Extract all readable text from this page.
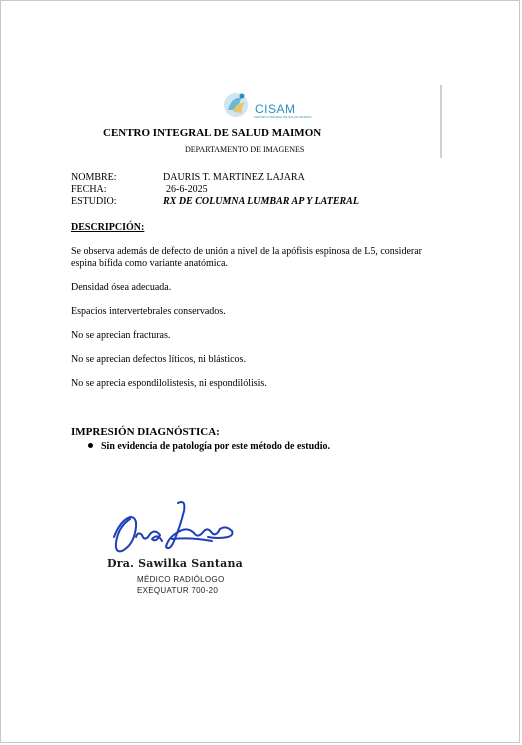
CISAM
CENTRO INTEGRAL DE SALUD MAIMON
CENTRO INTEGRAL DE SALUD MAIMON
DEPARTAMENTO DE IMAGENES
NOMBRE:	DAURIS T. MARTINEZ LAJARA
FECHA:	26-6-2025
ESTUDIO:	RX DE COLUMNA LUMBAR AP Y LATERAL
DESCRIPCIÓN:
Se observa además de defecto de unión a nivel de la apófisis espinosa de L5, considerar espina bífida como variante anatómica.
Densidad ósea adecuada.
Espacios intervertebrales conservados.
No se aprecian fracturas.
No se aprecian defectos líticos, ni blásticos.
No se aprecia espondilolistesis, ni espondilólisis.
IMPRESIÓN DIAGNÓSTICA:
Sin evidencia de patología por este método de estudio.
Dra. Sawilka Santana
MÉDICO RADIÓLOGO
EXEQUATUR 700-20
